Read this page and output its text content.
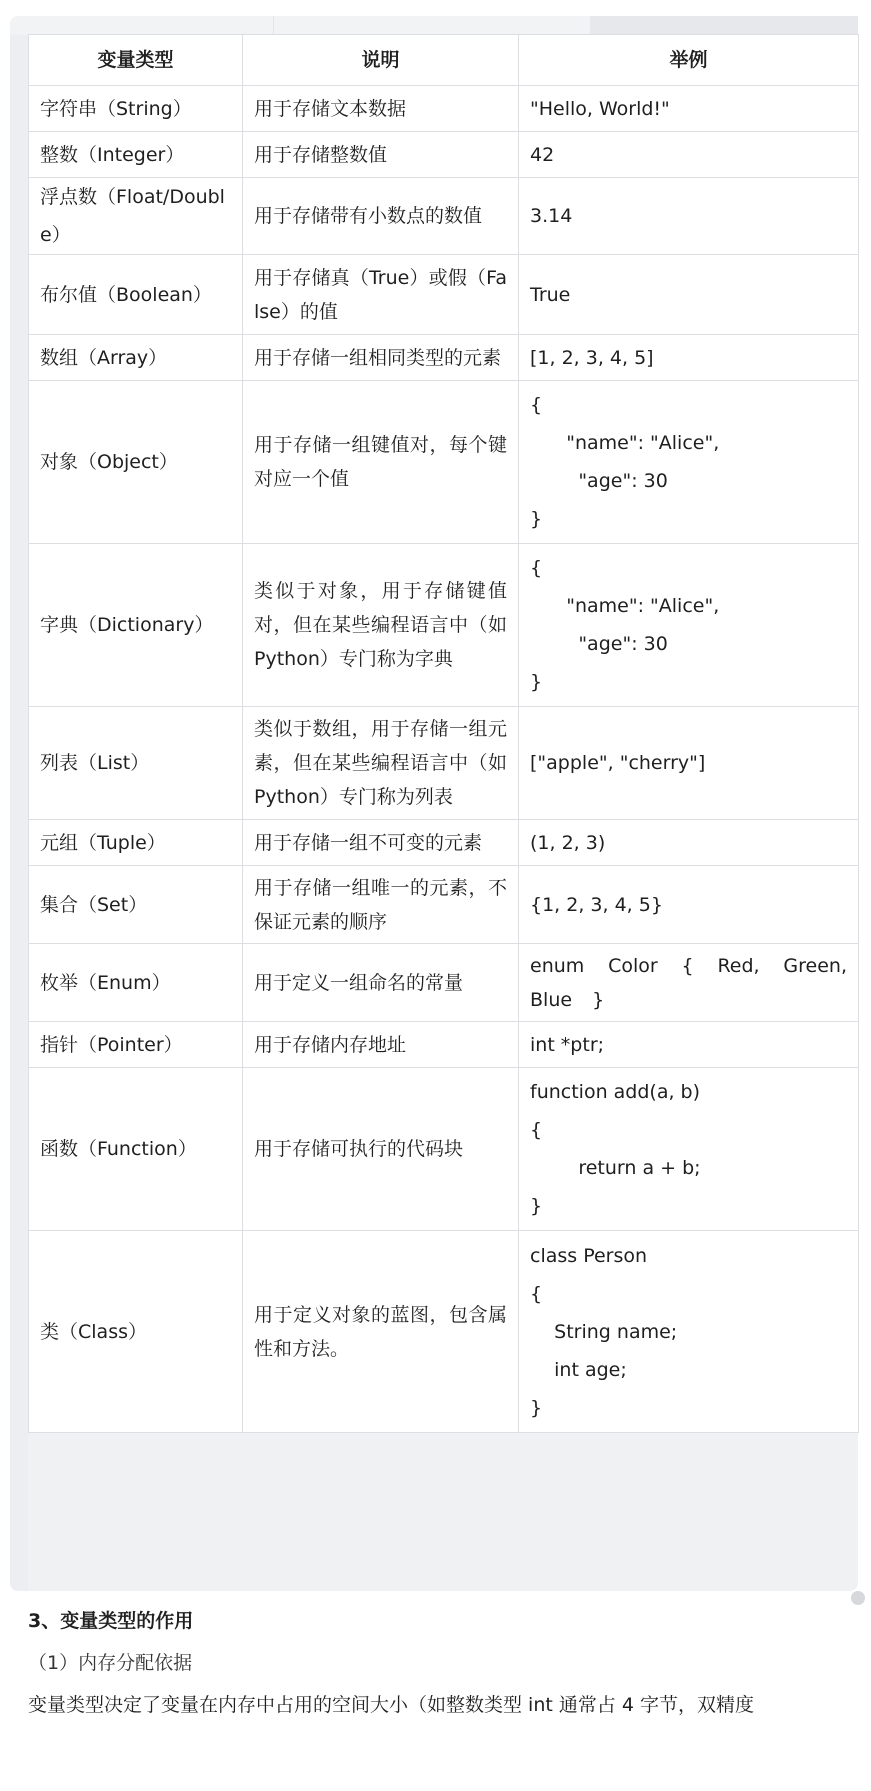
变量类型	说明	举例
字符串（String）	用于存储文本数据	"Hello, World!"
整数（Integer）	用于存储整数值	42
浮点数（Float/Double）	用于存储带有小数点的数值	3.14
布尔值（Boolean）	用于存储真（True）或假（False）的值	True
数组（Array）	用于存储一组相同类型的元素	[1, 2, 3, 4, 5]
对象（Object）	用于存储一组键值对，每个键对应一个值	{
"name": "Alice",
"age": 30
}

字典（Dictionary）	类似于对象，用于存储键值对，但在某些编程语言中（如Python）专门称为字典	{
"name": "Alice",
"age": 30
}

列表（List）	类似于数组，用于存储一组元素，但在某些编程语言中（如Python）专门称为列表	["apple", "cherry"]
元组（Tuple）	用于存储一组不可变的元素	(1, 2, 3)
集合（Set）	用于存储一组唯一的元素，不保证元素的顺序	{1, 2, 3, 4, 5}
枚举（Enum）	用于定义一组命名的常量	enum Color { Red, Green, Blue }
指针（Pointer）	用于存储内存地址	int *ptr;
函数（Function）	用于存储可执行的代码块	function add(a, b)
{
return a + b;
}

类（Class）	用于定义对象的蓝图，包含属性和方法。	class Person
{
String name;
int age;
}
3、变量类型的作用
（1）内存分配依据
变量类型决定了变量在内存中占用的空间大小（如整数类型 int 通常占 4 字节，双精度
